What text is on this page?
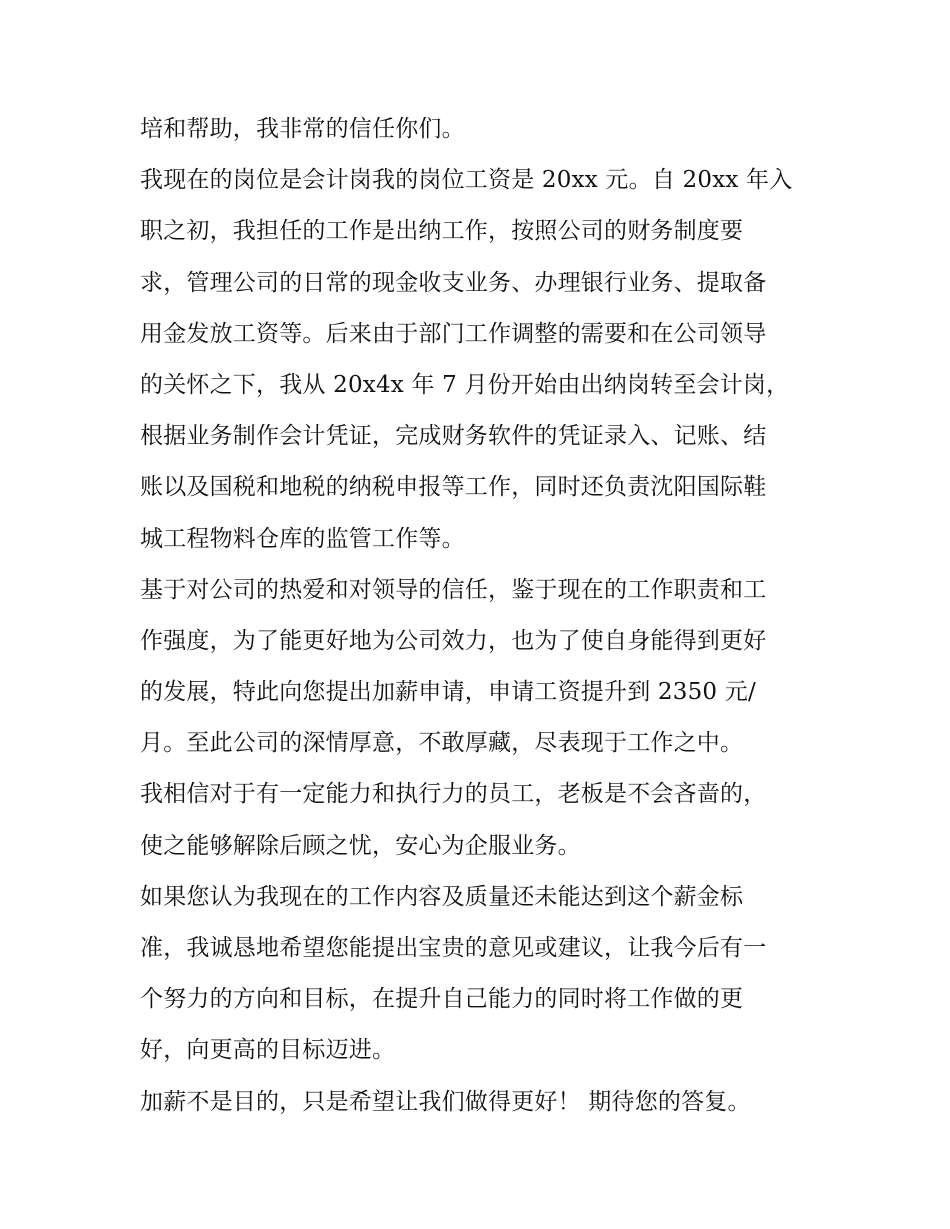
培和帮助，我非常的信任你们。
我现在的岗位是会计岗我的岗位工资是 20xx 元。自 20xx 年入
职之初，我担任的工作是出纳工作，按照公司的财务制度要
求，管理公司的日常的现金收支业务、办理银行业务、提取备
用金发放工资等。后来由于部门工作调整的需要和在公司领导
的关怀之下，我从 20x4x 年 7 月份开始由出纳岗转至会计岗，
根据业务制作会计凭证，完成财务软件的凭证录入、记账、结
账以及国税和地税的纳税申报等工作，同时还负责沈阳国际鞋
城工程物料仓库的监管工作等。
基于对公司的热爱和对领导的信任，鉴于现在的工作职责和工
作强度，为了能更好地为公司效力，也为了使自身能得到更好
的发展，特此向您提出加薪申请，申请工资提升到 2350 元/
月。至此公司的深情厚意，不敢厚藏，尽表现于工作之中。
我相信对于有一定能力和执行力的员工，老板是不会吝啬的，
使之能够解除后顾之忧，安心为企服业务。
如果您认为我现在的工作内容及质量还未能达到这个薪金标
准，我诚恳地希望您能提出宝贵的意见或建议，让我今后有一
个努力的方向和目标，在提升自己能力的同时将工作做的更
好，向更高的目标迈进。
加薪不是目的，只是希望让我们做得更好！ 期待您的答复。
